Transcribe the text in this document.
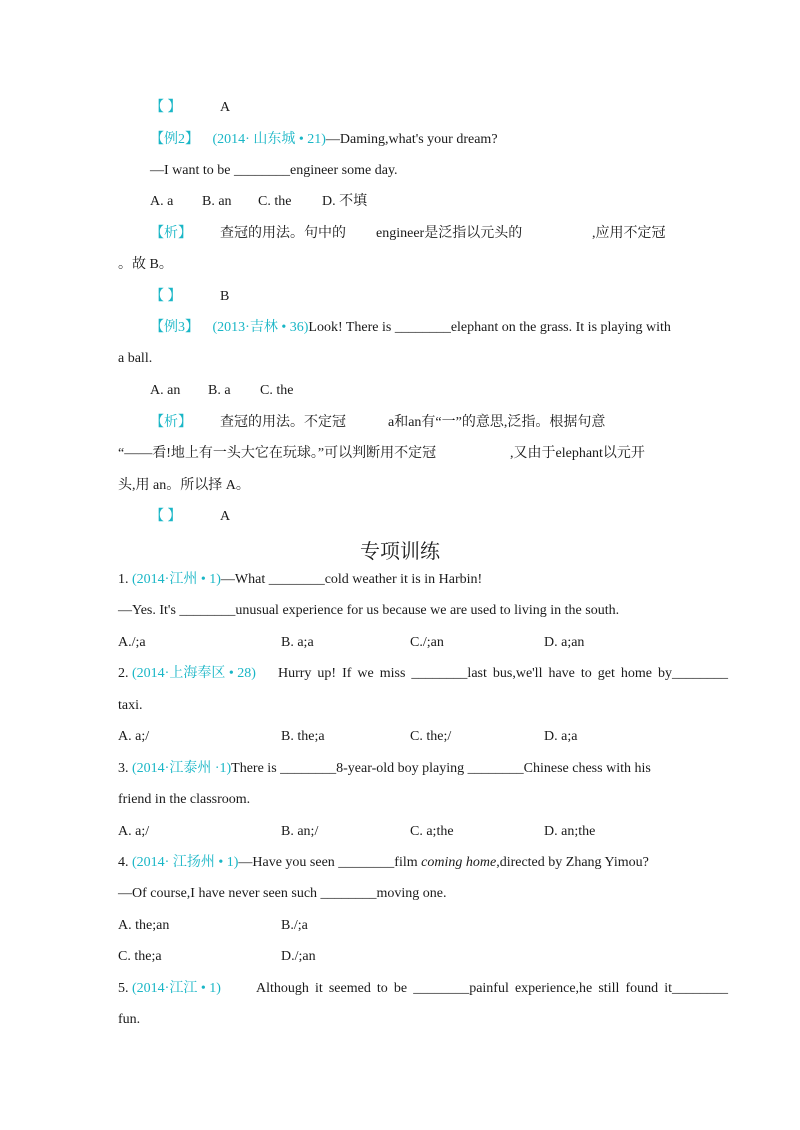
【 】	A
【例2】 (2014· 山东城 • 21)—Daming,what's your dream?
—I want to be ________engineer some day.
A. a B. an C. the D. 不填
【析】 查冠的用法。句中的 engineer是泛指以元头的	,应用不定冠
。故 B。
【 】	B
【例3】 (2013·吉林 • 36)Look! There is ________elephant on the grass. It is playing with
a ball.
A. an B. a C. the
【析】 查冠的用法。不定冠	a和an有“一”的意思,泛指。根据句意
“——看!地上有一头大它在玩球。”可以判断用不定冠	,又由于elephant以元开
头,用 an。所以择 A。
【 】	A
专项训练
1. (2014·江州 • 1)—What ________cold weather it is in Harbin!
—Yes. It's ________unusual experience for us because we are used to living in the south.
A./;a	B. a;a	C./;an	D. a;an
2. (2014·上海奉区 • 28) Hurry up! If we miss ________last bus,we'll have to get home by________
taxi.
A. a;/	B. the;a	C. the;/	D. a;a
3. (2014·江泰州 ·1)There is ________8-year-old boy playing ________Chinese chess with his
friend in the classroom.
A. a;/	B. an;/	C. a;the	D. an;the
4. (2014· 江扬州 • 1)—Have you seen ________film coming home,directed by Zhang Yimou?
—Of course,I have never seen such ________moving one.
A. the;an	B./;a
C. the;a	D./;an
5. (2014·江江 • 1)	Although it seemed to be ________painful experience,he still found it________
fun.
